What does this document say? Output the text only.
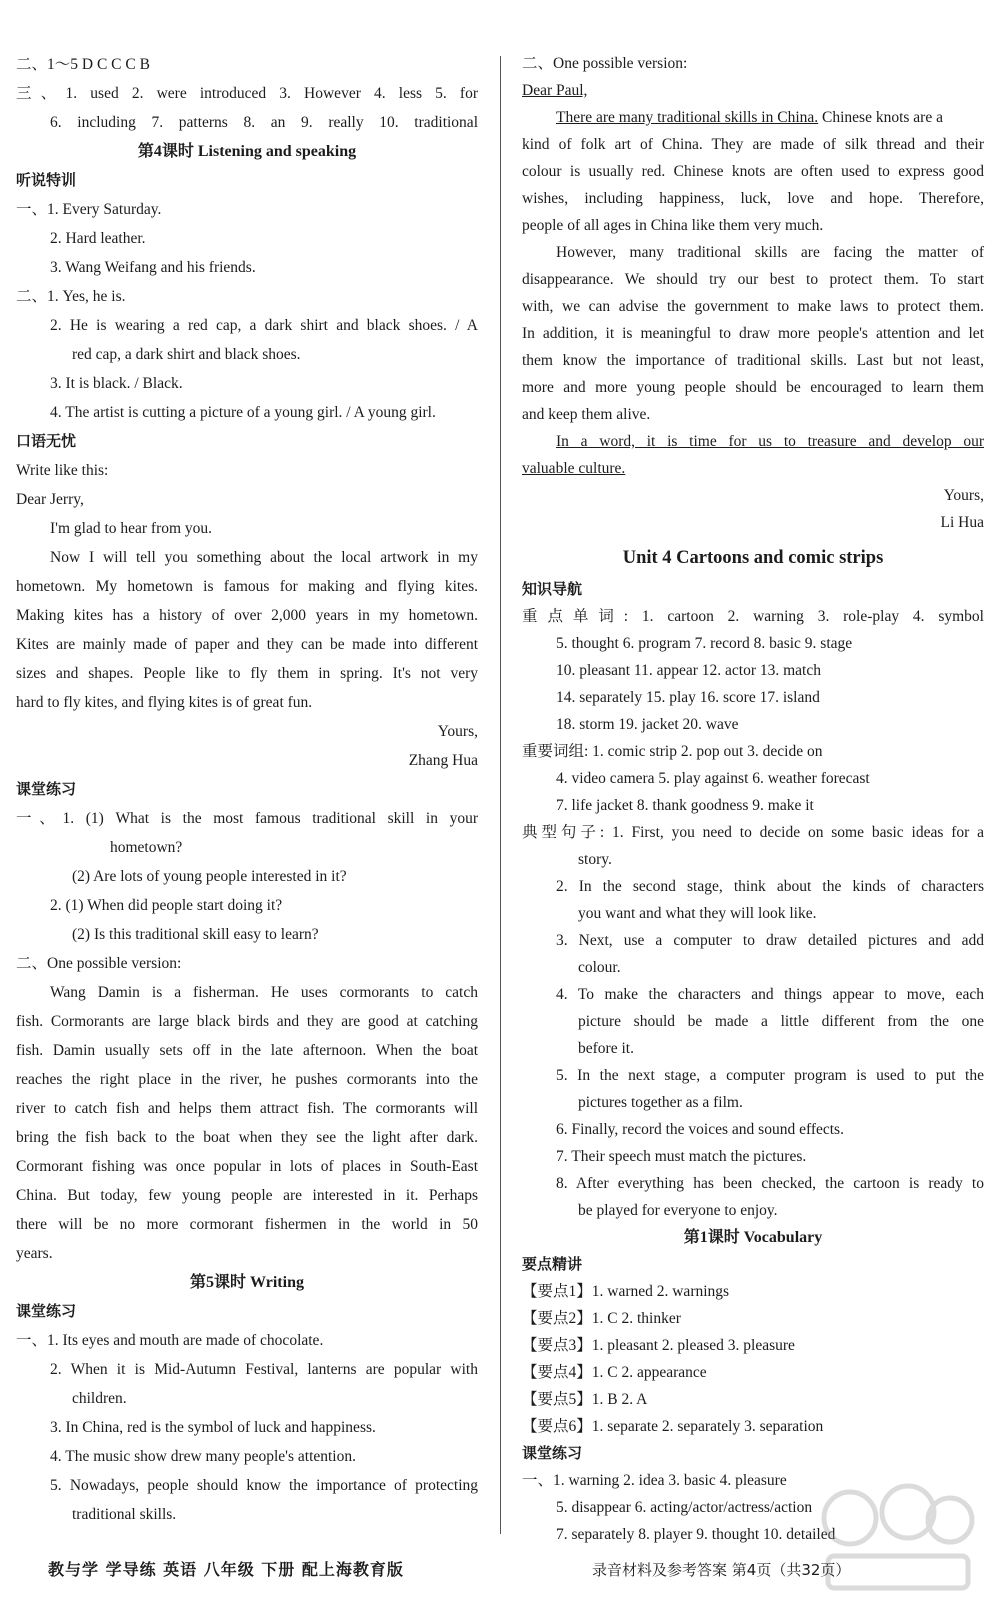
二、1～5 D C C C B
三、1. used 2. were introduced 3. However 4. less 5. for
6. including 7. patterns 8. an 9. really 10. traditional
第4课时 Listening and speaking
听说特训
一、1. Every Saturday.
2. Hard leather.
3. Wang Weifang and his friends.
二、1. Yes, he is.
2. He is wearing a red cap, a dark shirt and black shoes. / A
red cap, a dark shirt and black shoes.
3. It is black. / Black.
4. The artist is cutting a picture of a young girl. / A young girl.
口语无忧
Write like this:
Dear Jerry,
I'm glad to hear from you.
Now I will tell you something about the local artwork in my
hometown. My hometown is famous for making and flying kites.
Making kites has a history of over 2,000 years in my hometown.
Kites are mainly made of paper and they can be made into different
sizes and shapes. People like to fly them in spring. It's not very
hard to fly kites, and flying kites is of great fun.
Yours,
Zhang Hua
课堂练习
一、1. (1) What is the most famous traditional skill in your
hometown?
(2) Are lots of young people interested in it?
2. (1) When did people start doing it?
(2) Is this traditional skill easy to learn?
二、One possible version:
Wang Damin is a fisherman. He uses cormorants to catch
fish. Cormorants are large black birds and they are good at catching
fish. Damin usually sets off in the late afternoon. When the boat
reaches the right place in the river, he pushes cormorants into the
river to catch fish and helps them attract fish. The cormorants will
bring the fish back to the boat when they see the light after dark.
Cormorant fishing was once popular in lots of places in South-East
China. But today, few young people are interested in it. Perhaps
there will be no more cormorant fishermen in the world in 50
years.
第5课时 Writing
课堂练习
一、1. Its eyes and mouth are made of chocolate.
2. When it is Mid-Autumn Festival, lanterns are popular with
children.
3. In China, red is the symbol of luck and happiness.
4. The music show drew many people's attention.
5. Nowadays, people should know the importance of protecting
traditional skills.
二、One possible version:
Dear Paul,
There are many traditional skills in China. Chinese knots are a
kind of folk art of China. They are made of silk thread and their
colour is usually red. Chinese knots are often used to express good
wishes, including happiness, luck, love and hope. Therefore,
people of all ages in China like them very much.
However, many traditional skills are facing the matter of
disappearance. We should try our best to protect them. To start
with, we can advise the government to make laws to protect them.
In addition, it is meaningful to draw more people's attention and let
them know the importance of traditional skills. Last but not least,
more and more young people should be encouraged to learn them
and keep them alive.
In a word, it is time for us to treasure and develop our
valuable culture.
Yours,
Li Hua
Unit 4 Cartoons and comic strips
知识导航
重点单词: 1. cartoon 2. warning 3. role-play 4. symbol
5. thought 6. program 7. record 8. basic 9. stage
10. pleasant 11. appear 12. actor 13. match
14. separately 15. play 16. score 17. island
18. storm 19. jacket 20. wave
重要词组: 1. comic strip 2. pop out 3. decide on
4. video camera 5. play against 6. weather forecast
7. life jacket 8. thank goodness 9. make it
典型句子: 1. First, you need to decide on some basic ideas for a
story.
2. In the second stage, think about the kinds of characters
you want and what they will look like.
3. Next, use a computer to draw detailed pictures and add
colour.
4. To make the characters and things appear to move, each
picture should be made a little different from the one
before it.
5. In the next stage, a computer program is used to put the
pictures together as a film.
6. Finally, record the voices and sound effects.
7. Their speech must match the pictures.
8. After everything has been checked, the cartoon is ready to
be played for everyone to enjoy.
第1课时 Vocabulary
要点精讲
【要点1】1. warned 2. warnings
【要点2】1. C 2. thinker
【要点3】1. pleasant 2. pleased 3. pleasure
【要点4】1. C 2. appearance
【要点5】1. B 2. A
【要点6】1. separate 2. separately 3. separation
课堂练习
一、1. warning 2. idea 3. basic 4. pleasure
5. disappear 6. acting/actor/actress/action
7. separately 8. player 9. thought 10. detailed
教与学 学导练 英语 八年级 下册 配上海教育版	录音材料及参考答案 第4页（共32页）
